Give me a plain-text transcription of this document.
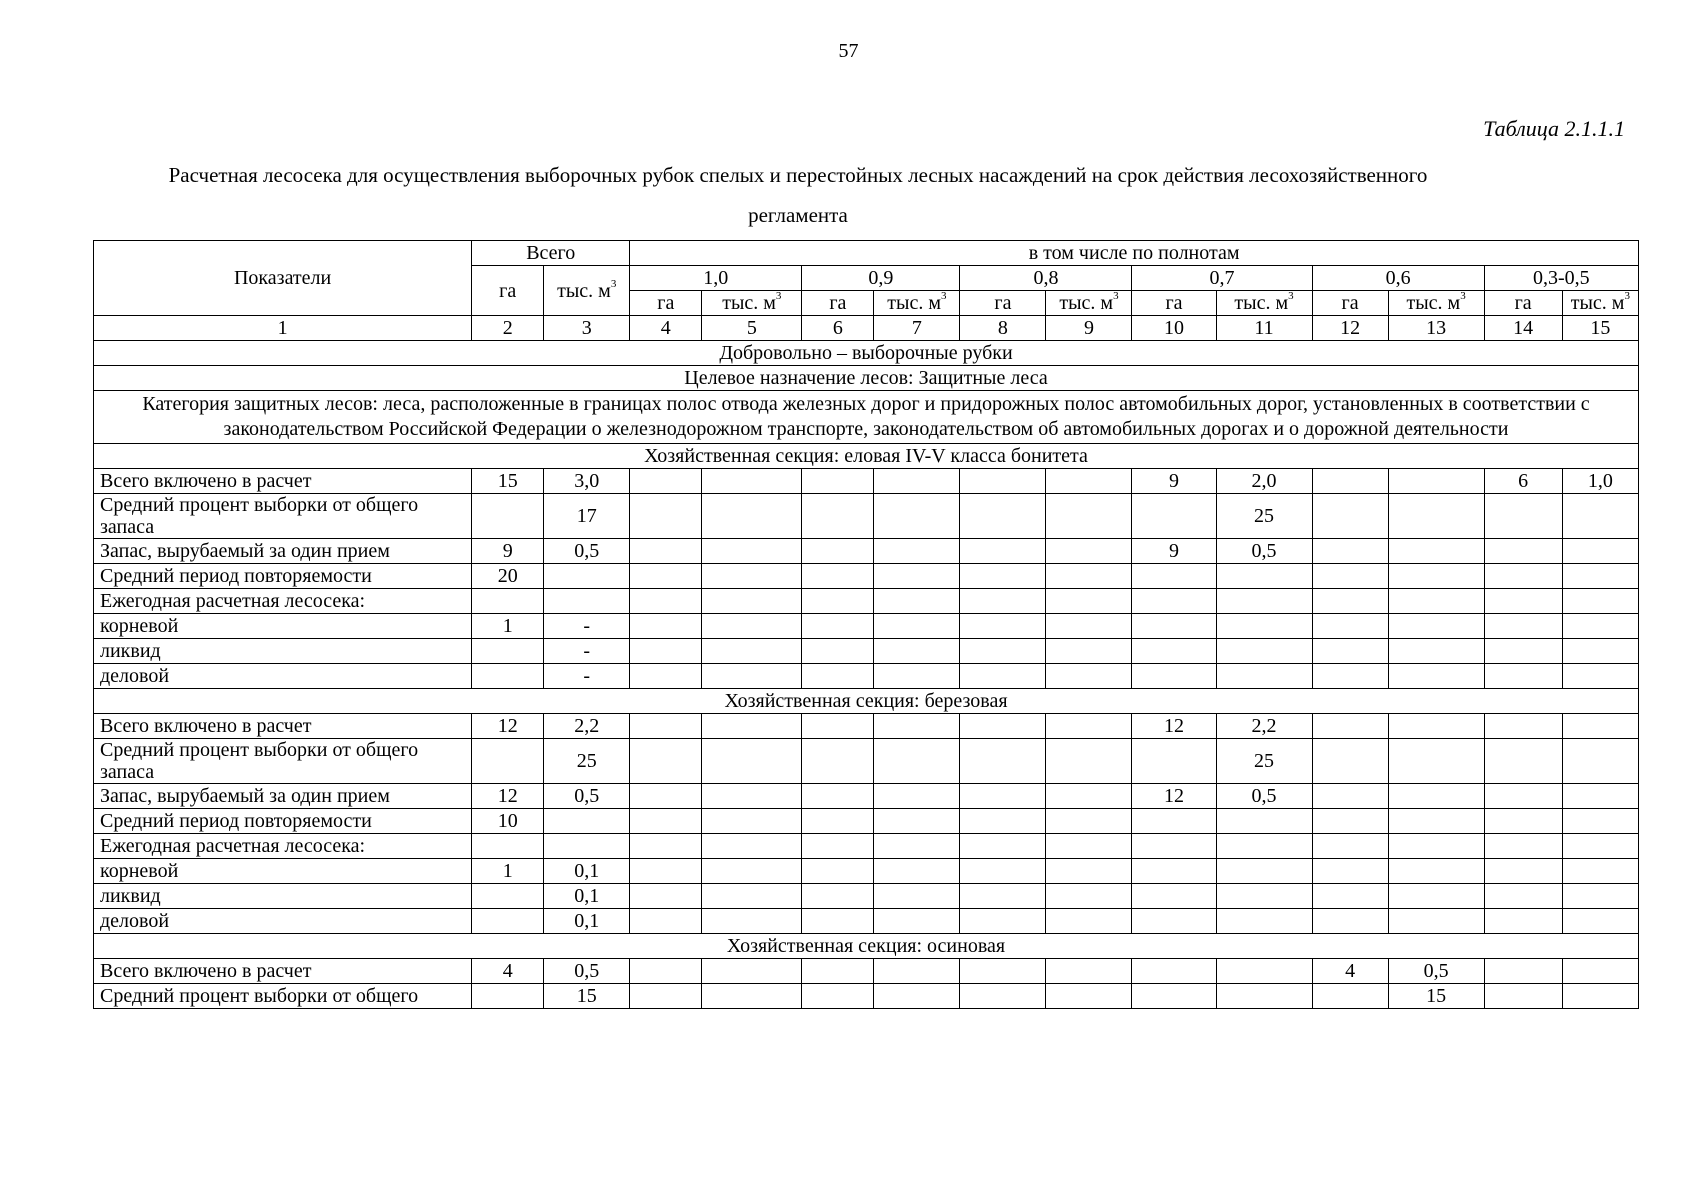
57
Таблица 2.1.1.1
Расчетная лесосека для осуществления выборочных рубок спелых и перестойных лесных насаждений на срок действия лесохозяйственного регламента
Показатели	Всего		в том числе по полнотам											
	га	тыс. $м^3$	1,0		0,9		0,8		0,7		0,6		0,3-0,5	
			га	тыс. $м^3$	га	тыс. $м^3$	га	тыс. $м^3$	га	тыс. $м^3$	га	тыс. $м^3$	га	тыс. $м^3$
1	2	3	4	5	6	7	8	9	10	11	12	13	14	15
Добровольно – выборочные рубки														
Целевое назначение лесов: Защитные леса														
Категория защитных лесов: леса, расположенные в границах полос отвода железных дорог и придорожных полос автомобильных дорог, установленных в соответствии с законодательством Российской Федерации о железнодорожном транспорте, законодательством об автомобильных дорогах и о дорожной деятельности														
Хозяйственная секция: еловая IV-V класса бонитета														
Всего включено в расчет	15	3,0							9	2,0			6	1,0
Средний процент выборки от общего запаса		17								25				
Запас, вырубаемый за один прием	9	0,5							9	0,5				
Средний период повторяемости	20													
Ежегодная расчетная лесосека:														
корневой	1	-												
ликвид		-												
деловой		-												
Хозяйственная секция: березовая														
Всего включено в расчет	12	2,2							12	2,2				
Средний процент выборки от общего запаса		25								25				
Запас, вырубаемый за один прием	12	0,5							12	0,5				
Средний период повторяемости	10													
Ежегодная расчетная лесосека:														
корневой	1	0,1												
ликвид		0,1												
деловой		0,1												
Хозяйственная секция: осиновая														
Всего включено в расчет	4	0,5									4	0,5		
Средний процент выборки от общего		15										15		
